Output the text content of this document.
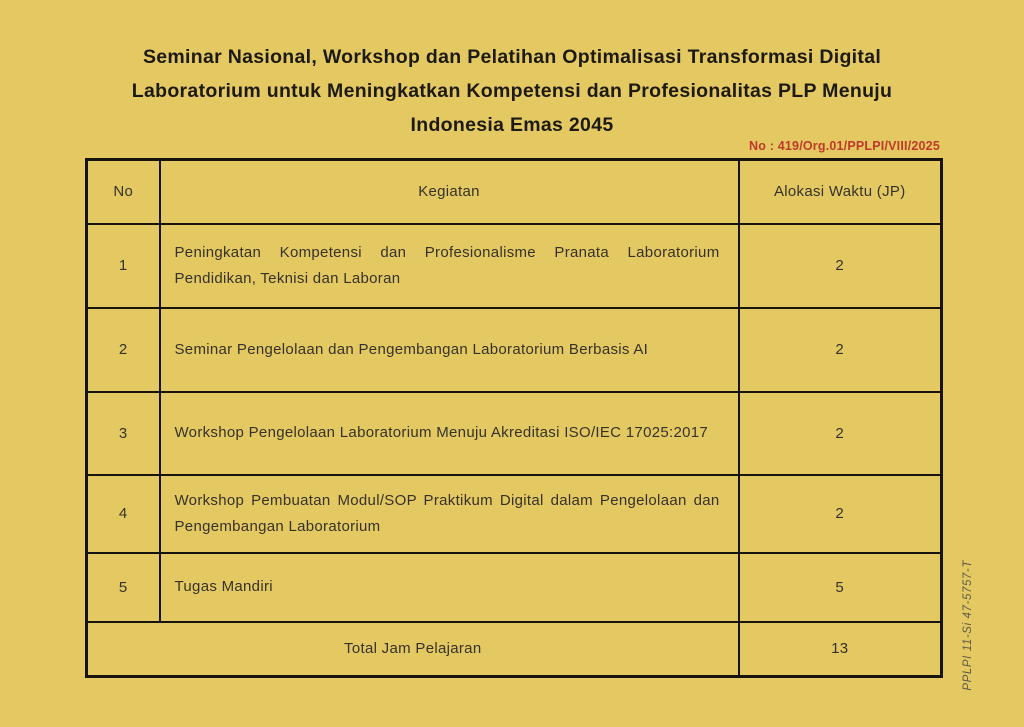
Seminar Nasional, Workshop dan Pelatihan Optimalisasi Transformasi Digital
Laboratorium untuk Meningkatkan Kompetensi dan Profesionalitas PLP Menuju
Indonesia Emas 2045
No : 419/Org.01/PPLPI/VIII/2025
No	Kegiatan	Alokasi Waktu (JP)
1	Peningkatan Kompetensi dan Profesionalisme Pranata Laboratorium Pendidikan, Teknisi dan Laboran	2
2	Seminar Pengelolaan dan Pengembangan Laboratorium Berbasis AI	2
3	Workshop Pengelolaan Laboratorium Menuju Akreditasi ISO/IEC 17025:2017	2
4	Workshop Pembuatan Modul/SOP Praktikum Digital dalam Pengelolaan dan Pengembangan Laboratorium	2
5	Tugas Mandiri	5
Total Jam Pelajaran		13	PPLPI 11-Si 47-5757-T
